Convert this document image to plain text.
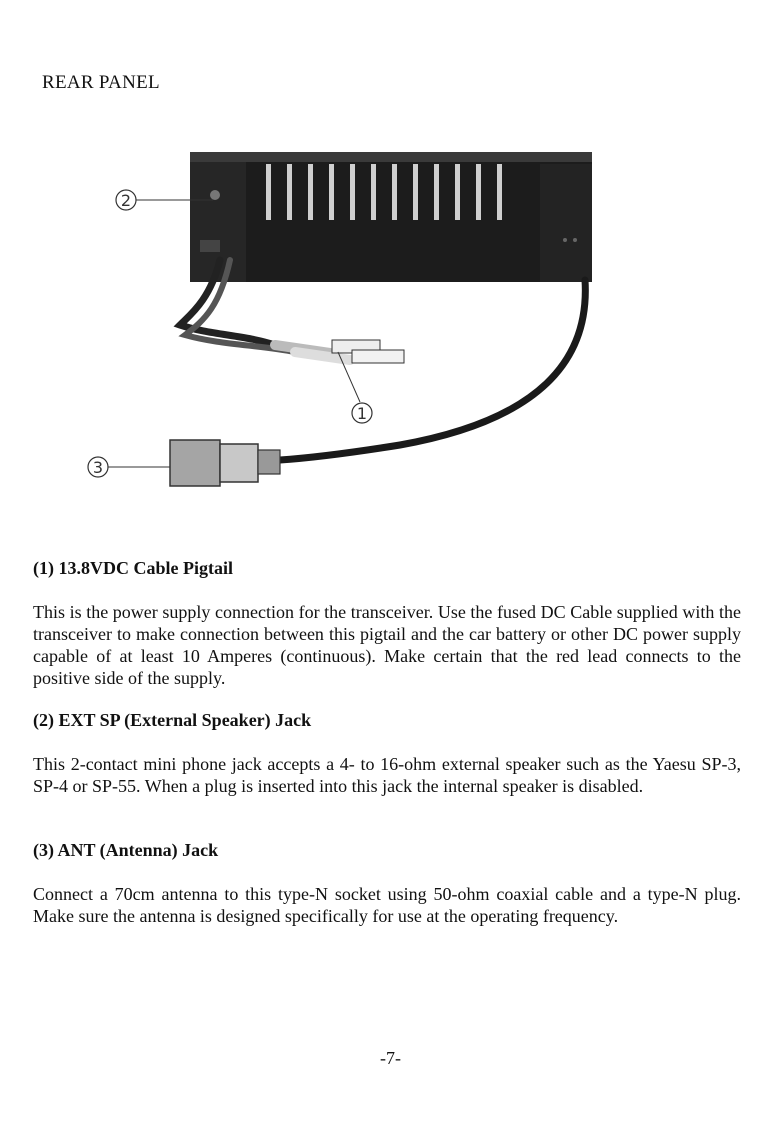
REAR PANEL
2
1
3
(1) 13.8VDC Cable Pigtail
This is the power supply connection for the transceiver. Use the fused DC Cable supplied with the transceiver to make connection between this pigtail and the car battery or other DC power supply capable of at least 10 Amperes (continuous). Make certain that the red lead connects to the positive side of the supply.
(2) EXT SP (External Speaker) Jack
This 2-contact mini phone jack accepts a 4- to 16-ohm external speaker such as the Yaesu SP-3, SP-4 or SP-55. When a plug is inserted into this jack the internal speaker is disabled.
(3) ANT (Antenna) Jack
Connect a 70cm antenna to this type-N socket using 50-ohm coaxial cable and a type-N plug. Make sure the antenna is designed specifically for use at the operating frequency.
-7-
